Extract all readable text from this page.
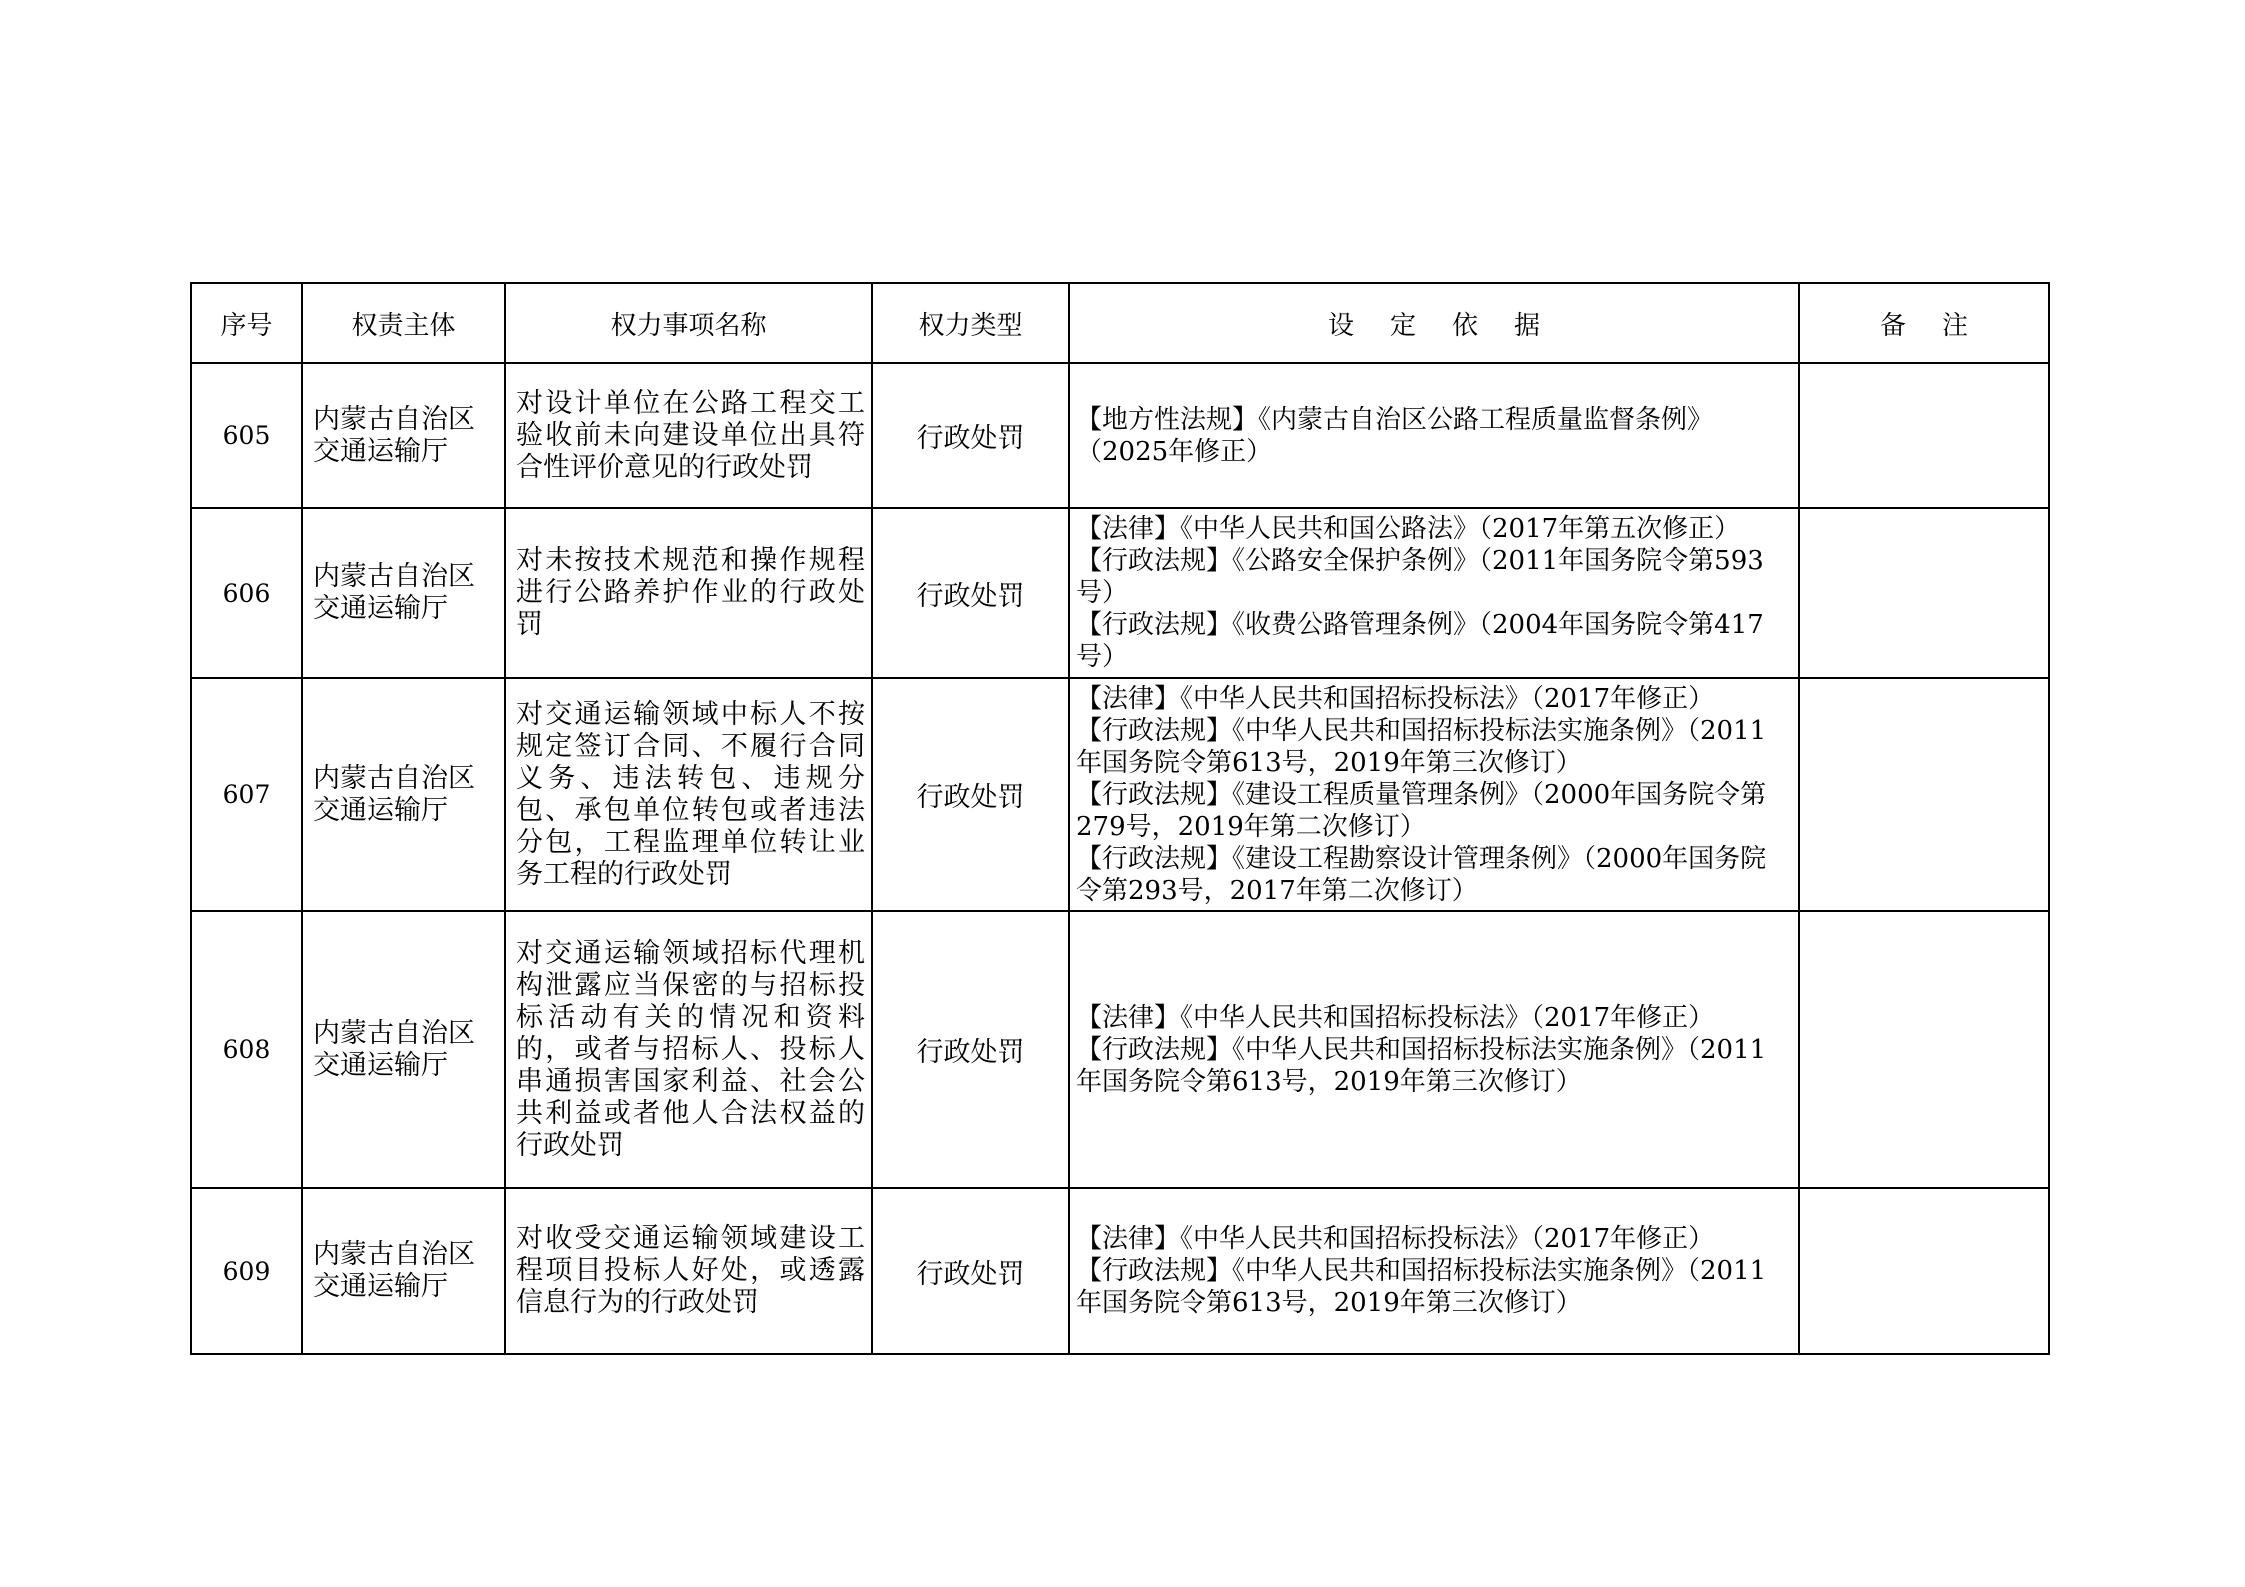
序号	权责主体	权力事项名称	权力类型	设定依据	备注
605	内蒙古自治区交通运输厅	对设计单位在公路工程交工验收前未向建设单位出具符合性评价意见的行政处罚	行政处罚	【地方性法规】《内蒙古自治区公路工程质量监督条例》（2025年修正）	

606	内蒙古自治区交通运输厅	对未按技术规范和操作规程进行公路养护作业的行政处罚	行政处罚	【法律】《中华人民共和国公路法》（2017年第五次修正）
【行政法规】《公路安全保护条例》（2011年国务院令第593号）
【行政法规】《收费公路管理条例》（2004年国务院令第417号）	

607	内蒙古自治区交通运输厅	对交通运输领域中标人不按规定签订合同、不履行合同义务、违法转包、违规分包、承包单位转包或者违法分包，工程监理单位转让业务工程的行政处罚	行政处罚	【法律】《中华人民共和国招标投标法》（2017年修正）
【行政法规】《中华人民共和国招标投标法实施条例》（2011年国务院令第613号，2019年第三次修订）
【行政法规】《建设工程质量管理条例》（2000年国务院令第279号，2019年第二次修订）
【行政法规】《建设工程勘察设计管理条例》（2000年国务院令第293号，2017年第二次修订）	

608	内蒙古自治区交通运输厅	对交通运输领域招标代理机构泄露应当保密的与招标投标活动有关的情况和资料的，或者与招标人、投标人串通损害国家利益、社会公共利益或者他人合法权益的行政处罚	行政处罚	【法律】《中华人民共和国招标投标法》（2017年修正）
【行政法规】《中华人民共和国招标投标法实施条例》（2011年国务院令第613号，2019年第三次修订）	

609	内蒙古自治区交通运输厅	对收受交通运输领域建设工程项目投标人好处，或透露信息行为的行政处罚	行政处罚	【法律】《中华人民共和国招标投标法》（2017年修正）
【行政法规】《中华人民共和国招标投标法实施条例》（2011年国务院令第613号，2019年第三次修订）	
